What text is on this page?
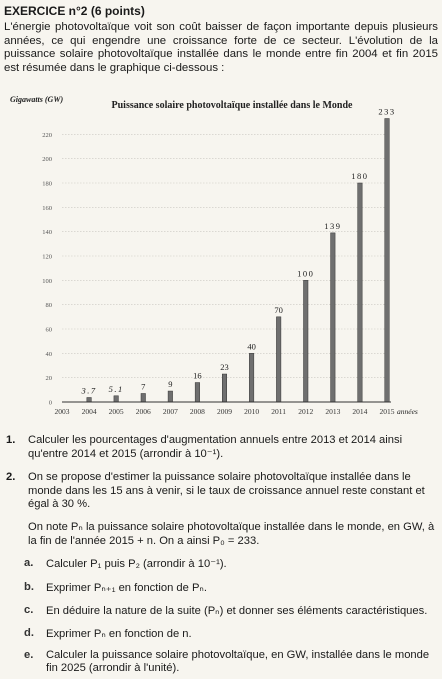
EXERCICE n°2 (6 points)
L'énergie photovoltaïque voit son coût baisser de façon importante depuis plusieurs années, ce qui engendre une croissance forte de ce secteur. L'évolution de la puissance solaire photovoltaïque installée dans le monde entre fin 2004 et fin 2015 est résumée dans le graphique ci-dessous :
Gigawatts (GW)
Puissance solaire photovoltaïque installée dans le Monde
0
20
40
60
80
100
120
140
160
180
200
220
3.7 5.1 7	9
16
23
40
70
100
139
180
233
2003 2004 2005 2006 2007 2008 2009 2010 2011 2012 2013 2014 2015 années
1. Calculer les pourcentages d'augmentation annuels entre 2013 et 2014 ainsi qu'entre 2014 et 2015 (arrondir à 10⁻¹).
2. On se propose d'estimer la puissance solaire photovoltaïque installée dans le monde dans les 15 ans à venir, si le taux de croissance annuel reste constant et égal à 30 %.
On note Pₙ la puissance solaire photovoltaïque installée dans le monde, en GW, à la fin de l'année 2015 + n. On a ainsi P₀ = 233.
a. Calculer P₁ puis P₂ (arrondir à 10⁻¹).
b. Exprimer Pₙ₊₁ en fonction de Pₙ.
c. En déduire la nature de la suite (Pₙ) et donner ses éléments caractéristiques.
d. Exprimer Pₙ en fonction de n.
e. Calculer la puissance solaire photovoltaïque, en GW, installée dans le monde fin 2025 (arrondir à l'unité).
